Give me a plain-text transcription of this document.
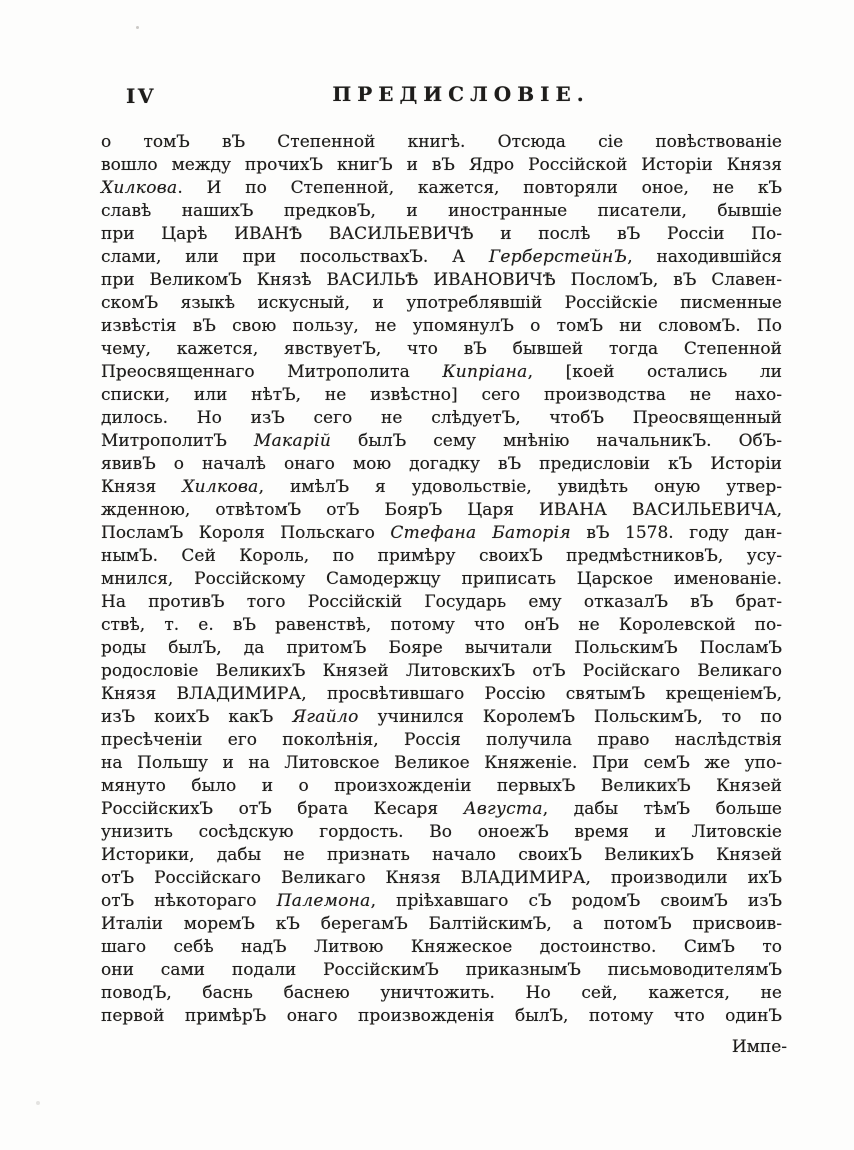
IV	ПРЕДИСЛОВІЕ.
о томЪ вЪ Степенной книгѣ. Отсюда сіе повѣствованіе
вошло между прочихЪ книгЪ и вЪ Ядро Россійской Исторіи Князя
Хилкова. И по Степенной, кажется, повторяли оное, не кЪ
славѣ нашихЪ предковЪ, и иностранные писатели, бывшіе
при Царѣ ИВАНѢ ВАСИЛЬЕВИЧѢ и послѣ вЪ Россіи По-
слами, или при посольствахЪ. А ГерберстейнЪ, находившійся
при ВеликомЪ Князѣ ВАСИЛЬѢ ИВАНОВИЧѢ ПосломЪ, вЪ Славен-
скомЪ языкѣ искусный, и употреблявшій Россійскіе писменные
извѣстія вЪ свою пользу, не упомянулЪ о томЪ ни словомЪ. По
чему, кажется, явствуетЪ, что вЪ бывшей тогда Степенной
Преосвященнаго Митрополита Кипріана, [коей остались ли
списки, или нѣтЪ, не извѣстно] сего производства не нахо-
дилось. Но изЪ сего не слѣдуетЪ, чтобЪ Преосвященный
МитрополитЪ Макарій былЪ сему мнѣнію начальникЪ. ОбЪ-
явивЪ о началѣ онаго мою догадку вЪ предисловіи кЪ Исторіи
Князя Хилкова, имѣлЪ я удовольствіе, увидѣть оную утвер-
жденною, отвѣтомЪ отЪ БоярЪ Царя ИВАНА ВАСИЛЬЕВИЧА,
ПосламЪ Короля Польскаго Стефана Баторія вЪ 1578. году дан-
нымЪ. Сей Король, по примѣру своихЪ предмѣстниковЪ, усу-
мнился, Россійскому Самодержцу приписать Царское именованіе.
На противЪ того Россійскій Государь ему отказалЪ вЪ брат-
ствѣ, т. е. вЪ равенствѣ, потому что онЪ не Королевской по-
роды былЪ, да притомЪ Бояре вычитали ПольскимЪ ПосламЪ
родословіе ВеликихЪ Князей ЛитовскихЪ отЪ Російскаго Великаго
Князя ВЛАДИМИРА, просвѣтившаго Россію святымЪ крещеніемЪ,
изЪ коихЪ какЪ Ягайло учинился КоролемЪ ПольскимЪ, то по
пресѣченіи его поколѣнія, Россія получила право наслѣдствія
на Польшу и на Литовское Великое Княженіе. При семЪ же упо-
мянуто было и о произхожденіи первыхЪ ВеликихЪ Князей
РоссійскихЪ отЪ брата Кесаря Августа, дабы тѣмЪ больше
унизить сосѣдскую гордость. Во оноежЪ время и Литовскіе
Историки, дабы не признать начало своихЪ ВеликихЪ Князей
отЪ Россійскаго Великаго Князя ВЛАДИМИРА, производили ихЪ
отЪ нѣкотораго Палемона, пріѣхавшаго сЪ родомЪ своимЪ изЪ
Италіи моремЪ кЪ берегамЪ БалтійскимЪ, а потомЪ присвоив-
шаго себѣ надЪ Литвою Княжеское достоинство. СимЪ то
они сами подали РоссійскимЪ приказнымЪ письмоводителямЪ
поводЪ, баснь баснею уничтожить. Но сей, кажется, не
первой примѣрЪ онаго произвожденія былЪ, потому что одинЪ
Импе-
